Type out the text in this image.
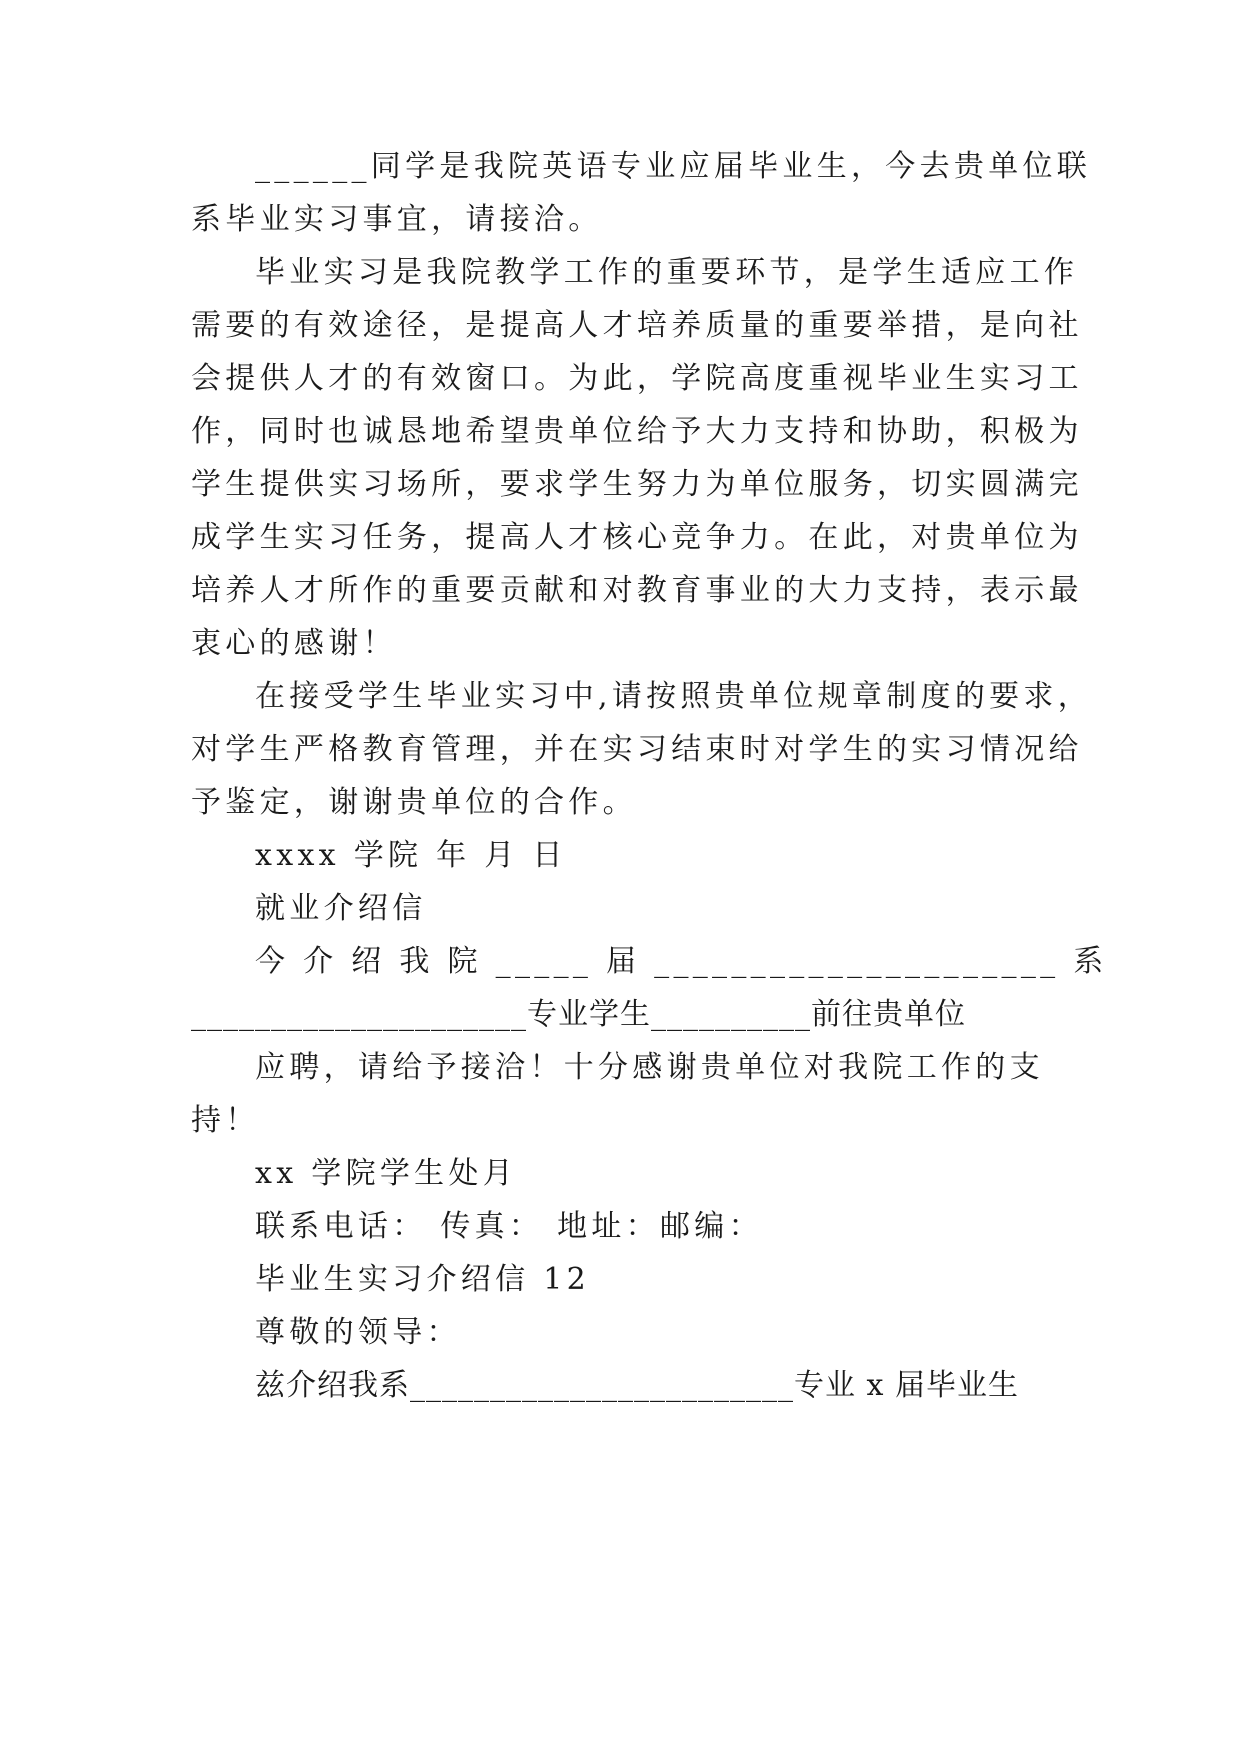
______同学是我院英语专业应届毕业生，今去贵单位联
系毕业实习事宜，请接洽。
毕业实习是我院教学工作的重要环节，是学生适应工作
需要的有效途径，是提高人才培养质量的重要举措，是向社
会提供人才的有效窗口。为此，学院高度重视毕业生实习工
作，同时也诚恳地希望贵单位给予大力支持和协助，积极为
学生提供实习场所，要求学生努力为单位服务，切实圆满完
成学生实习任务，提高人才核心竞争力。在此，对贵单位为
培养人才所作的重要贡献和对教育事业的大力支持，表示最
衷心的感谢！
在接受学生毕业实习中,请按照贵单位规章制度的要求，
对学生严格教育管理，并在实习结束时对学生的实习情况给
予鉴定，谢谢贵单位的合作。
xxxx 学院 年 月 日
就业介绍信
今 介 绍 我 院 _____ 届 _____________________ 系
_____________________专业学生__________前往贵单位
应聘，请给予接洽！十分感谢贵单位对我院工作的支
持！
xx 学院学生处月
联系电话： 传真： 地址：邮编：
毕业生实习介绍信 12
尊敬的领导：
兹介绍我系________________________专业 x 届毕业生
